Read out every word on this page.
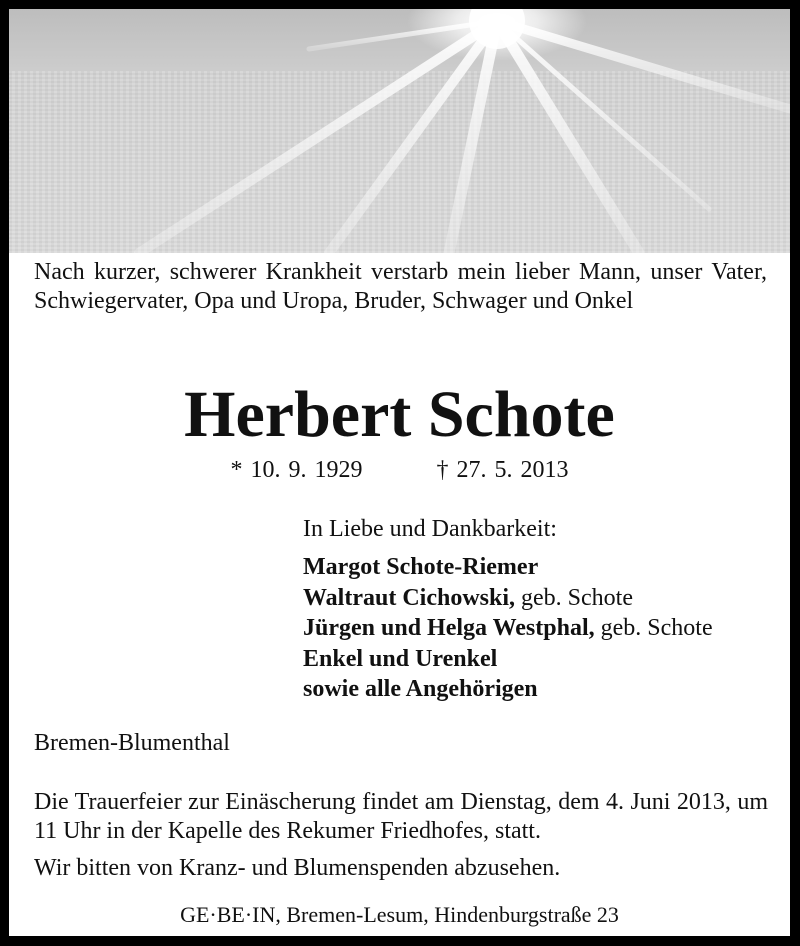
Nach kurzer, schwerer Krankheit verstarb mein lieber Mann, unser Vater, Schwiegervater, Opa und Uropa, Bruder, Schwager und Onkel
Herbert Schote
* 10. 9. 1929	† 27. 5. 2013
In Liebe und Dankbarkeit:
Margot Schote-Riemer
Waltraut Cichowski, geb. Schote
Jürgen und Helga Westphal, geb. Schote
Enkel und Urenkel
sowie alle Angehörigen
Bremen-Blumenthal
Die Trauerfeier zur Einäscherung findet am Dienstag, dem 4. Juni 2013, um 11 Uhr in der Kapelle des Rekumer Friedhofes, statt.
Wir bitten von Kranz- und Blumenspenden abzusehen.
GE·BE·IN, Bremen-Lesum, Hindenburgstraße 23
